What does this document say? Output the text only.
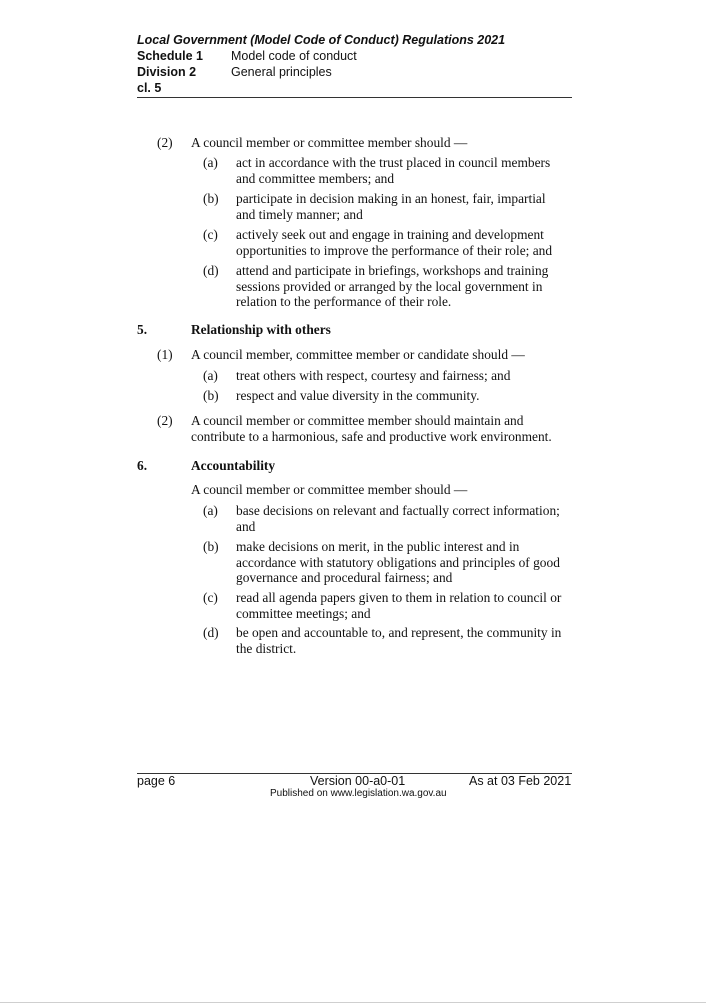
Local Government (Model Code of Conduct) Regulations 2021
Schedule 1 Model code of conduct
Division 2	General principles
cl. 5
(2) A council member or committee member should —
(a) act in accordance with the trust placed in council members
and committee members; and
(b) participate in decision making in an honest, fair, impartial
and timely manner; and
(c) actively seek out and engage in training and development
opportunities to improve the performance of their role; and
(d) attend and participate in briefings, workshops and training
sessions provided or arranged by the local government in
relation to the performance of their role.
5.	Relationship with others
(1) A council member, committee member or candidate should —
(a) treat others with respect, courtesy and fairness; and
(b) respect and value diversity in the community.
(2) A council member or committee member should maintain and
contribute to a harmonious, safe and productive work environment.
6.	Accountability
A council member or committee member should —
(a) base decisions on relevant and factually correct information;
and
(b) make decisions on merit, in the public interest and in
accordance with statutory obligations and principles of good
governance and procedural fairness; and
(c) read all agenda papers given to them in relation to council or
committee meetings; and
(d) be open and accountable to, and represent, the community in
the district.
page 6	Version 00-a0-01	As at 03 Feb 2021
Published on www.legislation.wa.gov.au
